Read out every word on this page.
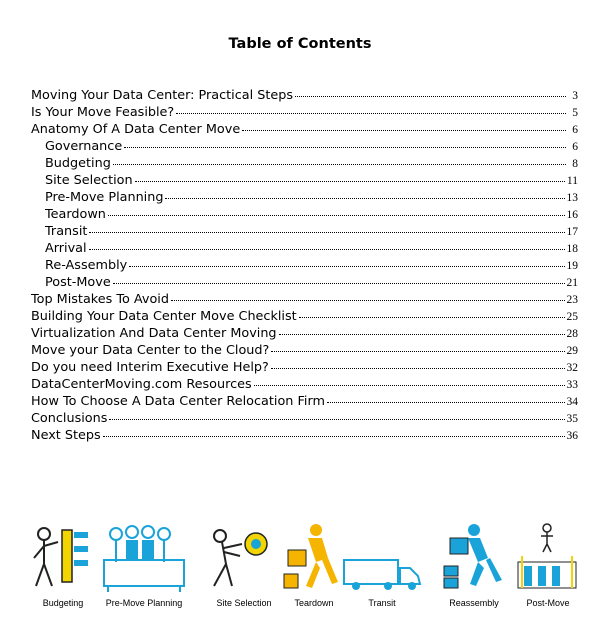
Table of Contents
Moving Your Data Center: Practical Steps	3
Is Your Move Feasible?	5
Anatomy Of A Data Center Move	6
Governance	6
Budgeting	8
Site Selection	11
Pre-Move Planning	13
Teardown	16
Transit	17
Arrival	18
Re-Assembly	19
Post-Move	21
Top Mistakes To Avoid	23
Building Your Data Center Move Checklist	25
Virtualization And Data Center Moving	28
Move your Data Center to the Cloud?	29
Do you need Interim Executive Help?	32
DataCenterMoving.com Resources	33
How To Choose A Data Center Relocation Firm	34
Conclusions	35
Next Steps	36
Budgeting	Pre-Move Planning	Site Selection	Teardown	Transit	Reassembly	Post-Move
